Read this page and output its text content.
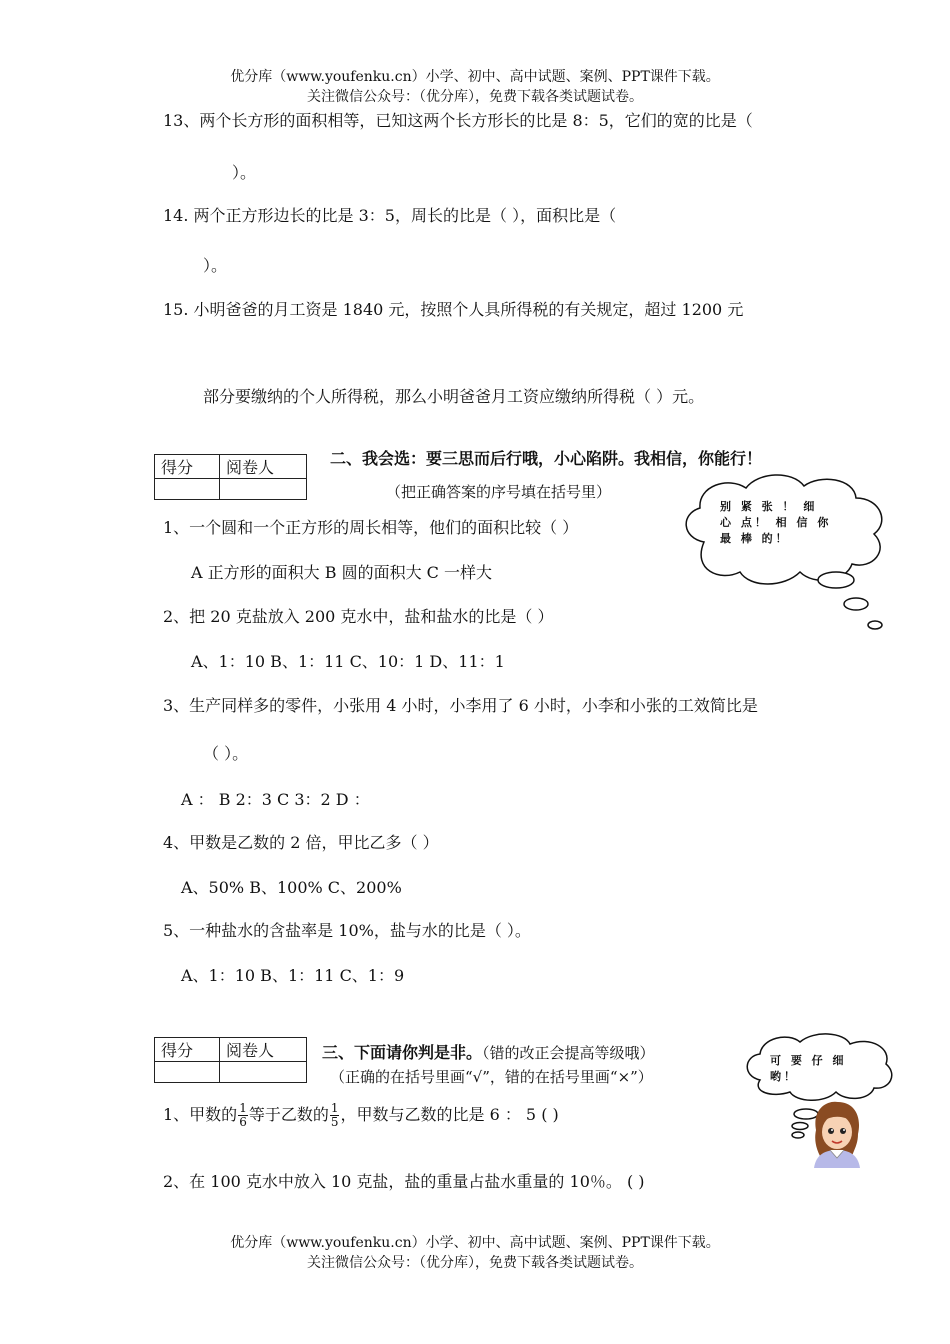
优分库（www.youfenku.cn）小学、初中、高中试题、案例、PPT课件下载。
关注微信公众号：（优分库），免费下载各类试题试卷。
13、两个长方形的面积相等，已知这两个长方形长的比是 8：5，它们的宽的比是（
）。
14. 两个正方形边长的比是 3：5，周长的比是（ ），面积比是（
）。
15. 小明爸爸的月工资是 1840 元，按照个人具所得税的有关规定，超过 1200 元
部分要缴纳的个人所得税，那么小明爸爸月工资应缴纳所得税（ ）元。
得分	阅卷人
		二、我会选：要三思而后行哦，小心陷阱。我相信，你能行！
（把正确答案的序号填在括号里）
别 紧 张 ！ 细 心 点！ 相 信 你 最 棒 的！
1、一个圆和一个正方形的周长相等，他们的面积比较（ ）
A 正方形的面积大 B 圆的面积大 C 一样大
2、把 20 克盐放入 200 克水中，盐和盐水的比是（ ）
A、1：10 B、1：11 C、10：1 D、11：1
3、生产同样多的零件，小张用 4 小时，小李用了 6 小时，小李和小张的工效简比是
（ ）。
A ： B 2：3 C 3：2 D ：
4、甲数是乙数的 2 倍，甲比乙多（ ）
A、50% B、100% C、200%
5、一种盐水的含盐率是 10%，盐与水的比是（ ）。
A、1：10 B、1：11 C、1：9
得分	阅卷人
		三、下面请你判是非。（错的改正会提高等级哦）
（正确的在括号里画“√”，错的在括号里画“×”）
可 要 仔 细 哟！
1、甲数的 $\frac{1}{6}$ 等于乙数的 $\frac{1}{5}$ ，甲数与乙数的比是 6 ： 5 ( )
2、在 100 克水中放入 10 克盐，盐的重量占盐水重量的 10％。 ( )
优分库（www.youfenku.cn）小学、初中、高中试题、案例、PPT课件下载。
关注微信公众号：（优分库），免费下载各类试题试卷。
